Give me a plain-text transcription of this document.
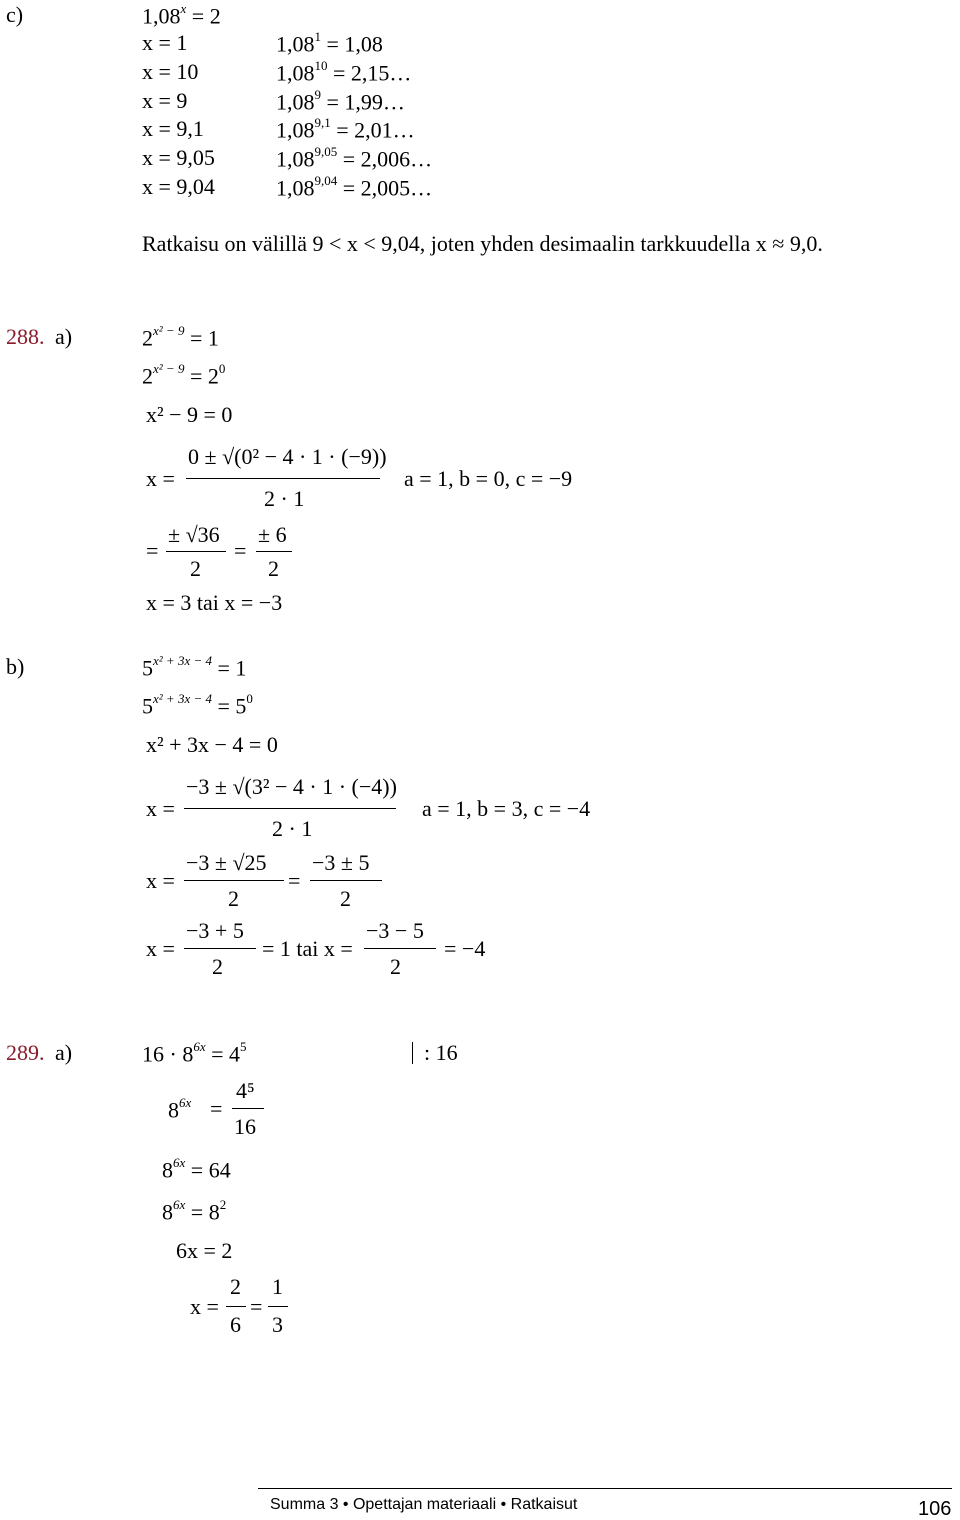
c)	$1,08^x = 2$
x = 1	$1,08^1 = 1,08$
x = 10	$1,08^{10}$ = 2,15…
x = 9	$1,08^9$ = 1,99…
x = 9,1	$1,08^{9,1}$ = 2,01…
x = 9,05	$1,08^{9,05}$ = 2,006…
x = 9,04	$1,08^{9,04}$ = 2,005…
Ratkaisu on välillä 9 < x < 9,04, joten yhden desimaalin tarkkuudella x ≈ 9,0.
288. a)	$2^{x^2 - 9} = 1$
$2^{x^2 - 9} = 2^0$
x² − 9 = 0
x =
0 ± √(0² − 4 · 1 · (−9))
2 · 1
a = 1, b = 0, c = −9
=
± √36
2
=
± 6
2
x = 3 tai x = −3
b)	$5^{x^2 + 3x - 4} = 1$
$5^{x^2 + 3x - 4} = 5^0$
x² + 3x − 4 = 0
x =
−3 ± √(3² − 4 · 1 · (−4))
2 · 1
a = 1, b = 3, c = −4
x =
−3 ± √25
2
=
−3 ± 5
2
x =
−3 + 5
2
= 1 tai x =
−3 − 5
2
= −4
289. a)	$16 \cdot 8^{6x} = 4^5$	: 16
$8^{6x}$ =
4⁵
16
$8^{6x} = 64$
$8^{6x} = 8^2$
6x = 2
x =
2
6
=
1
3
Summa 3 • Opettajan materiaali • Ratkaisut	106
